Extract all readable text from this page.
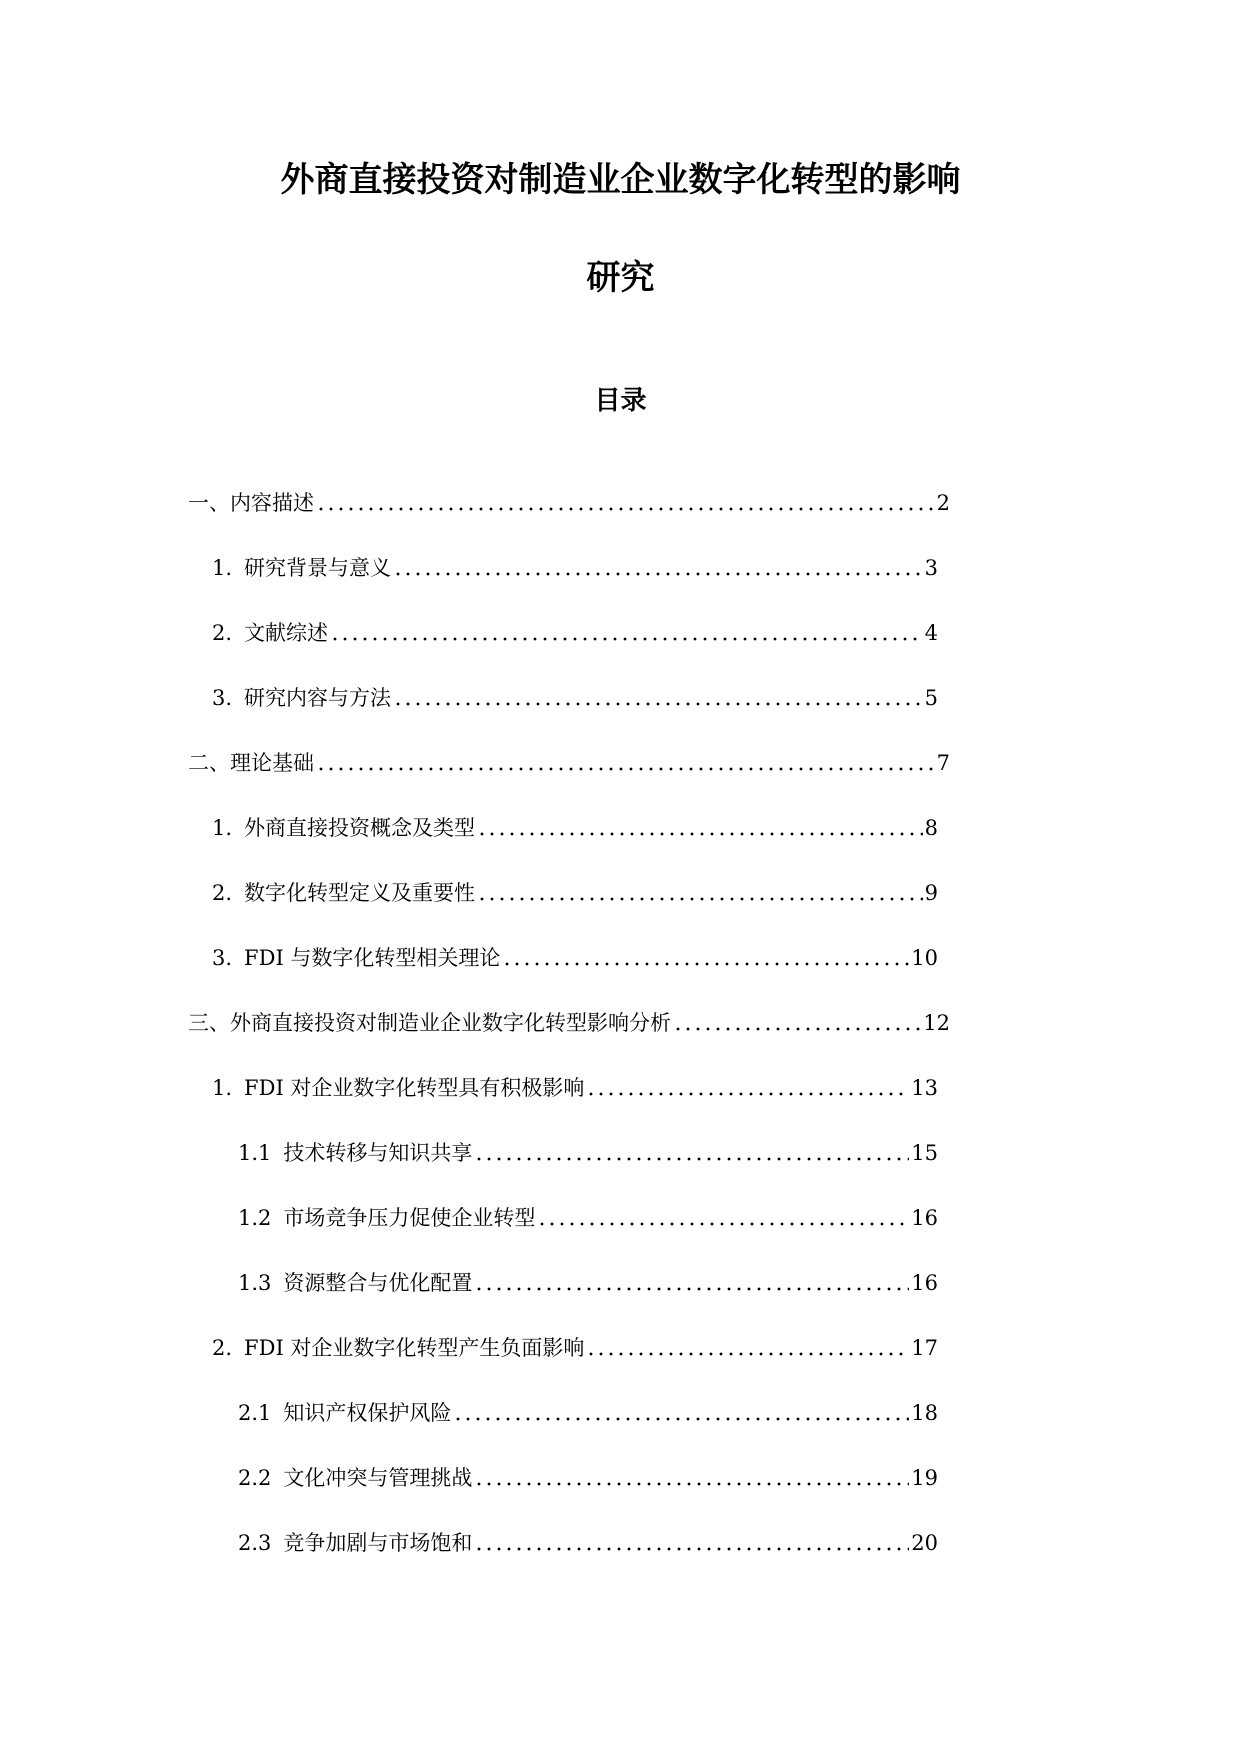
外商直接投资对制造业企业数字化转型的影响
研究
目录
一、内容描述	2
1. 研究背景与意义	3
2. 文献综述	4
3. 研究内容与方法	5
二、理论基础	7
1. 外商直接投资概念及类型	8
2. 数字化转型定义及重要性	9
3. FDI 与数字化转型相关理论	10
三、外商直接投资对制造业企业数字化转型影响分析	12
1. FDI 对企业数字化转型具有积极影响	13
1.1 技术转移与知识共享	15
1.2 市场竞争压力促使企业转型	16
1.3 资源整合与优化配置	16
2. FDI 对企业数字化转型产生负面影响	17
2.1 知识产权保护风险	18
2.2 文化冲突与管理挑战	19
2.3 竞争加剧与市场饱和	20
